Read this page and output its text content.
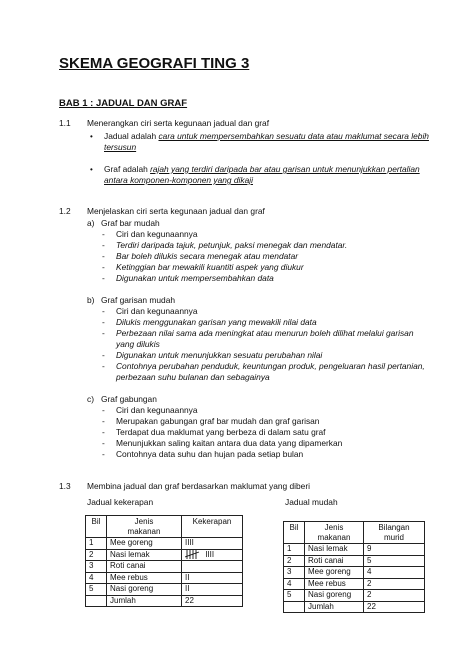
SKEMA GEOGRAFI TING 3
BAB 1 : JADUAL DAN GRAF
1.1 Menerangkan ciri serta kegunaan jadual dan graf
• Jadual adalah cara untuk mempersembahkan sesuatu data atau maklumat secara lebih
tersusun
• Graf adalah rajah yang terdiri daripada bar atau garisan untuk menunjukkan pertalian
antara komponen-komponen yang dikaji
1.2 Menjelaskan ciri serta kegunaan jadual dan graf
a) Graf bar mudah
- Ciri dan kegunaannya
- Terdiri daripada tajuk, petunjuk, paksi menegak dan mendatar.
- Bar boleh dilukis secara menegak atau mendatar
- Ketinggian bar mewakili kuantiti aspek yang diukur
- Digunakan untuk mempersembahkan data
b) Graf garisan mudah
- Ciri dan kegunaannya
- Dilukis menggunakan garisan yang mewakili nilai data
- Perbezaan nilai sama ada meningkat atau menurun boleh dilihat melalui garisan
yang dilukis
- Digunakan untuk menunjukkan sesuatu perubahan nilai
- Contohnya perubahan penduduk, keuntungan produk, pengeluaran hasil pertanian,
perbezaan suhu bulanan dan sebagainya
c) Graf gabungan
- Ciri dan kegunaannya
- Merupakan gabungan graf bar mudah dan graf garisan
- Terdapat dua maklumat yang berbeza di dalam satu graf
- Menunjukkan saling kaitan antara dua data yang dipamerkan
- Contohnya data suhu dan hujan pada setiap bulan
1.3 Membina jadual dan graf berdasarkan maklumat yang diberi
Jadual kekerapan	Jadual mudah
Bil	Jenis
makanan	Kekerapan
1	Mee goreng	IIII
2	Nasi lemak	IIII
3	Roti canai	
4	Mee rebus	II
5	Nasi goreng	II
	Jumlah	22
Bil	Jenis
makanan	Bilangan
murid
1	Nasi lemak	9
2	Roti canai	5
3	Mee goreng	4
4	Mee rebus	2
5	Nasi goreng	2
	Jumlah	22
